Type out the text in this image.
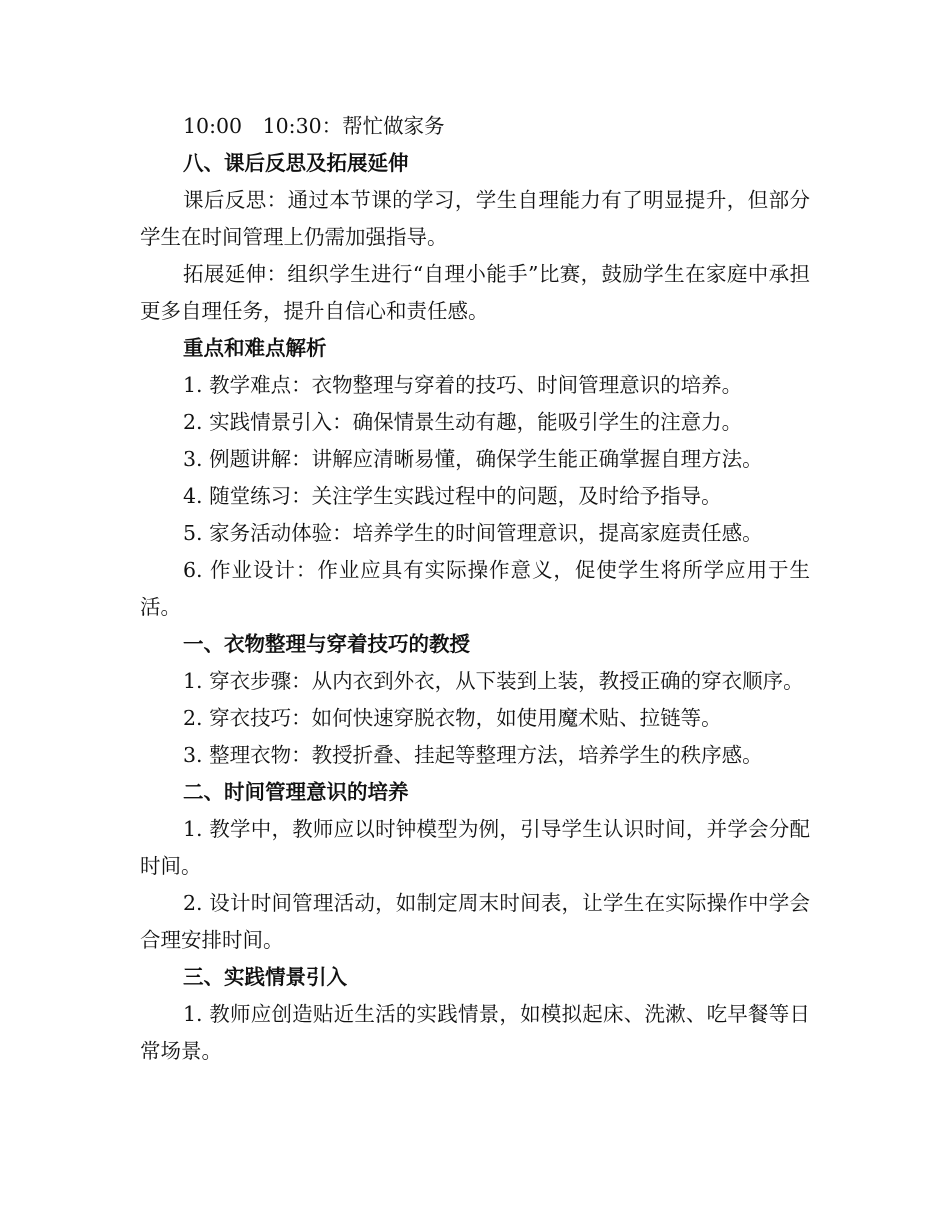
10:00　10:30：帮忙做家务

八、课后反思及拓展延伸

课后反思：通过本节课的学习，学生自理能力有了明显提升，但部分学生在时间管理上仍需加强指导。

拓展延伸：组织学生进行“自理小能手”比赛，鼓励学生在家庭中承担更多自理任务，提升自信心和责任感。

重点和难点解析

1. 教学难点：衣物整理与穿着的技巧、时间管理意识的培养。

2. 实践情景引入：确保情景生动有趣，能吸引学生的注意力。

3. 例题讲解：讲解应清晰易懂，确保学生能正确掌握自理方法。

4. 随堂练习：关注学生实践过程中的问题，及时给予指导。

5. 家务活动体验：培养学生的时间管理意识，提高家庭责任感。

6. 作业设计：作业应具有实际操作意义，促使学生将所学应用于生活。

一、衣物整理与穿着技巧的教授

1. 穿衣步骤：从内衣到外衣，从下装到上装，教授正确的穿衣顺序。

2. 穿衣技巧：如何快速穿脱衣物，如使用魔术贴、拉链等。

3. 整理衣物：教授折叠、挂起等整理方法，培养学生的秩序感。

二、时间管理意识的培养

1. 教学中，教师应以时钟模型为例，引导学生认识时间，并学会分配时间。

2. 设计时间管理活动，如制定周末时间表，让学生在实际操作中学会合理安排时间。

三、实践情景引入

1. 教师应创造贴近生活的实践情景，如模拟起床、洗漱、吃早餐等日常场景。
